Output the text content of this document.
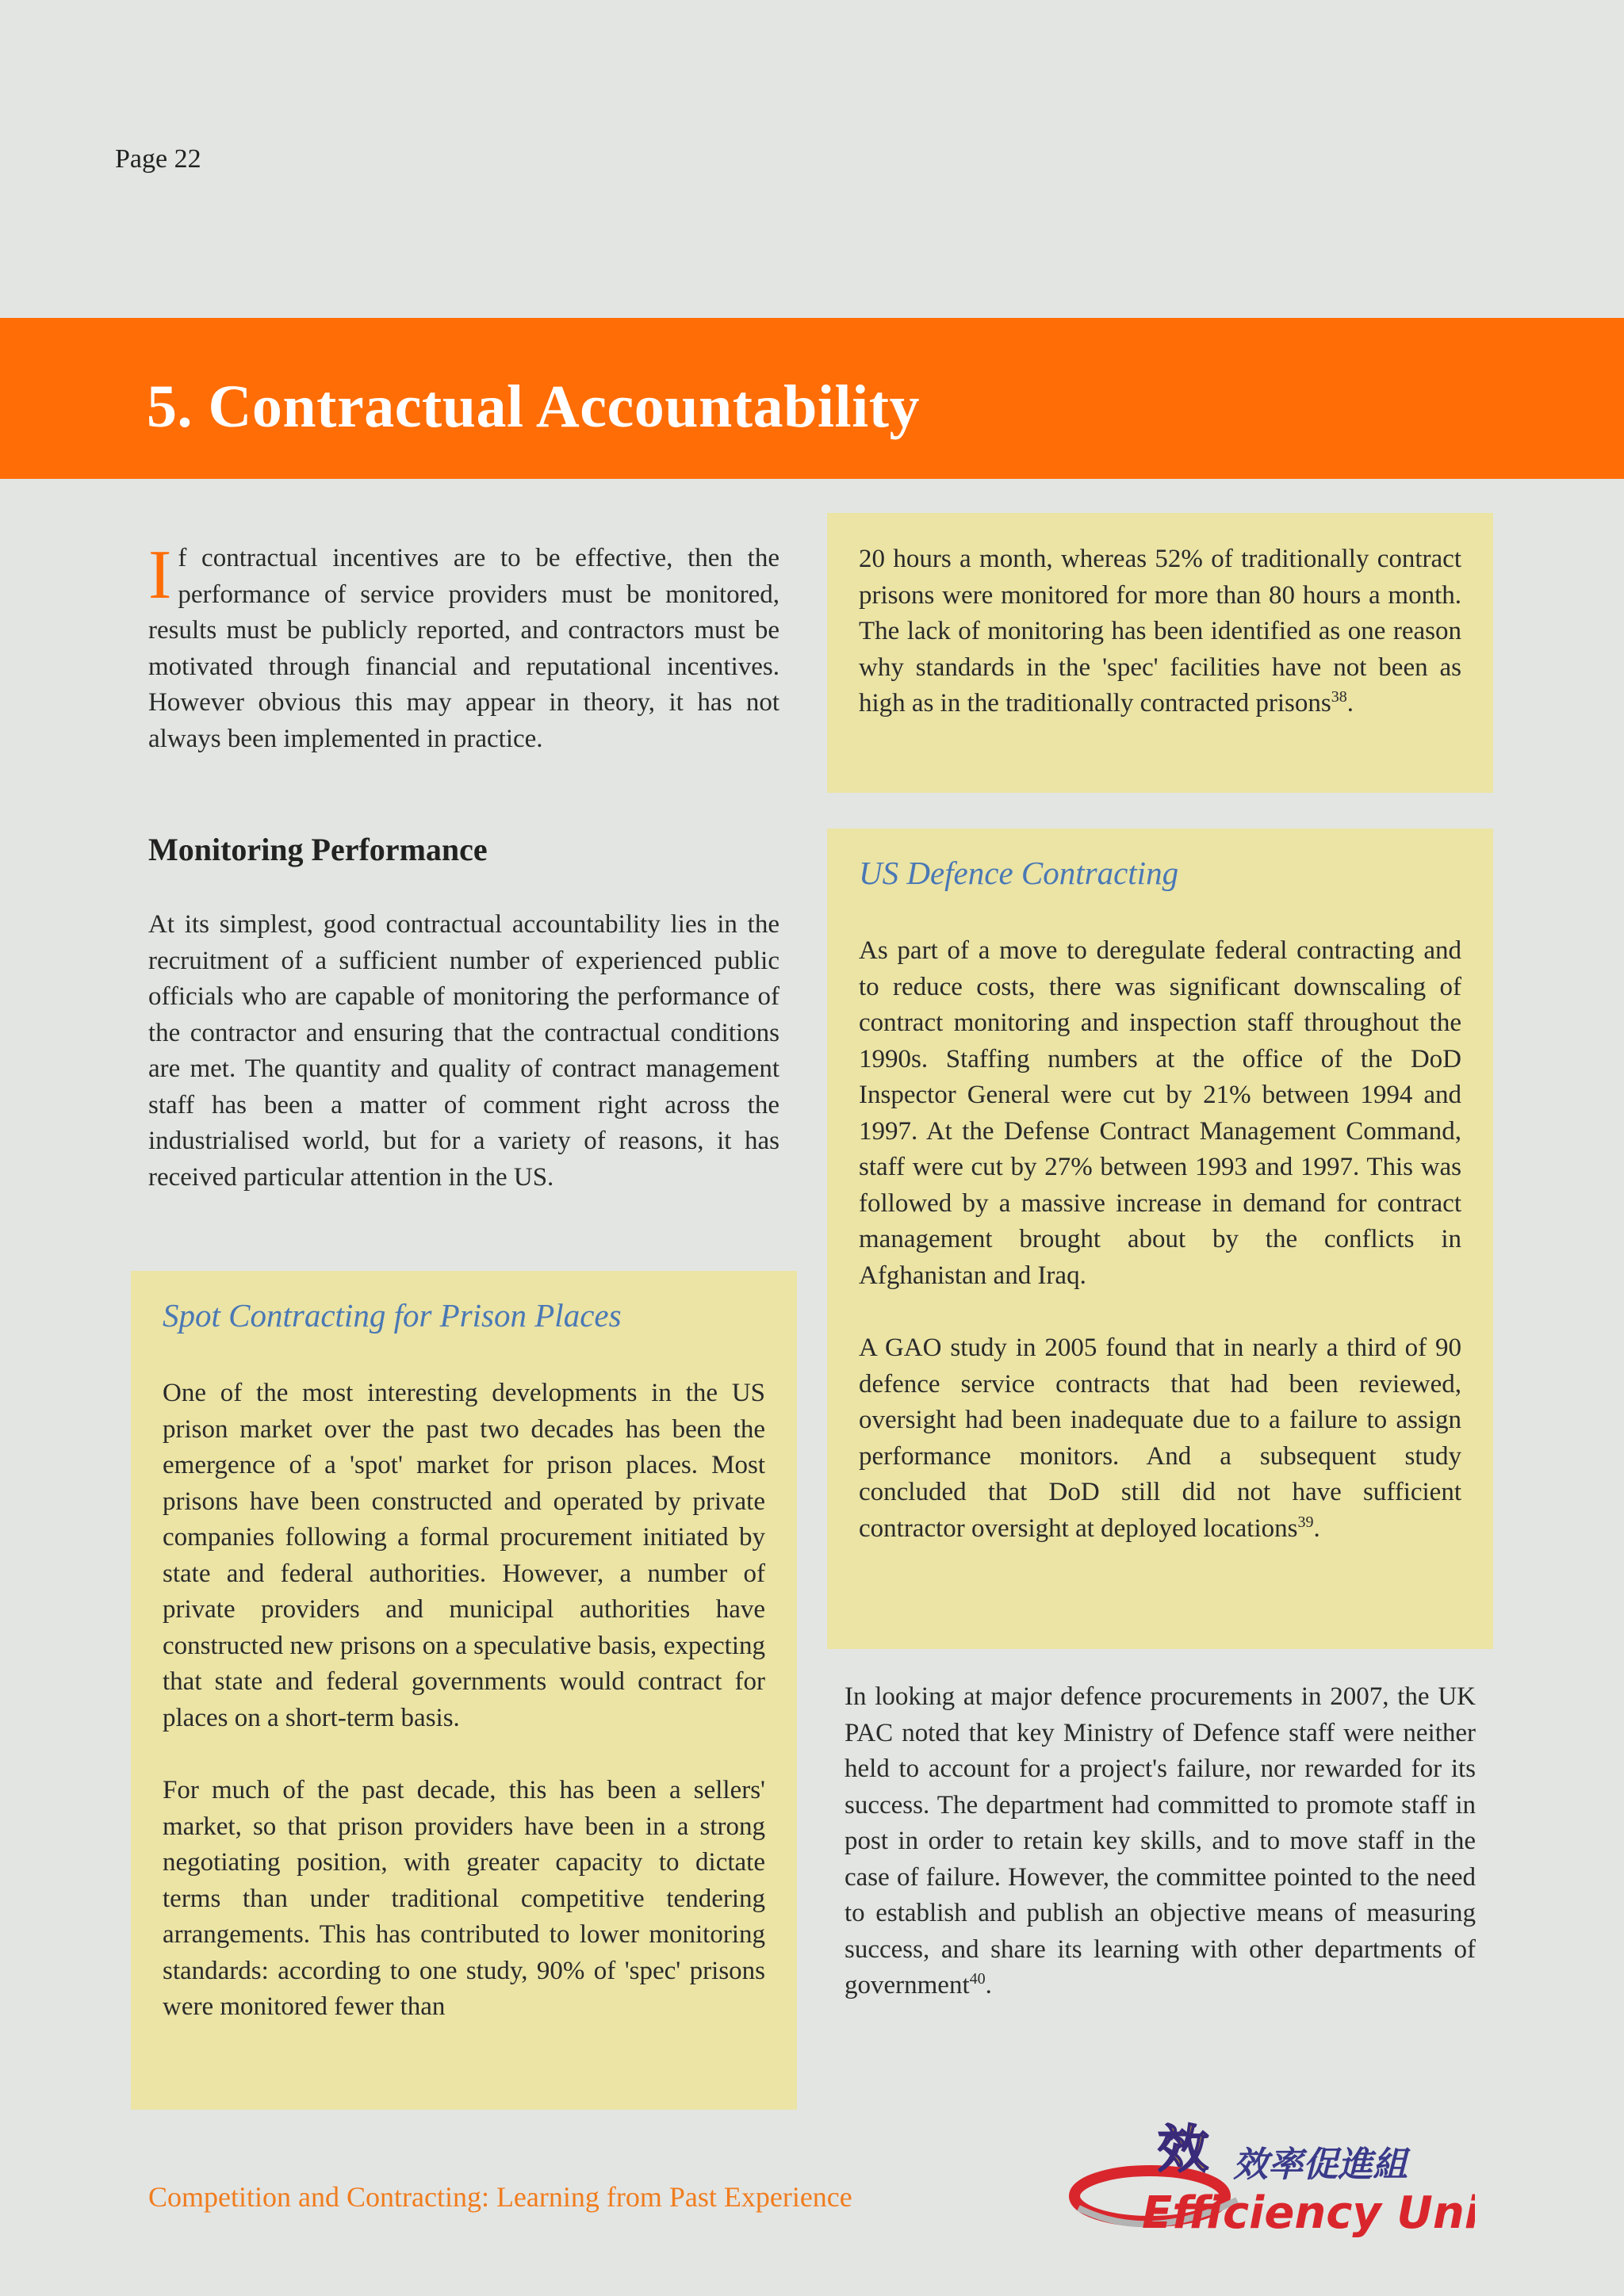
Page 22
5. Contractual Accountability
If contractual incentives are to be effective, then the performance of service providers must be monitored, results must be publicly reported, and contractors must be motivated through financial and reputational incentives. However obvious this may appear in theory, it has not always been implemented in practice.
Monitoring Performance
At its simplest, good contractual accountability lies in the recruitment of a sufficient number of experienced public officials who are capable of monitoring the performance of the contractor and ensuring that the contractual conditions are met. The quantity and quality of contract management staff has been a matter of comment right across the industrialised world, but for a variety of reasons, it has received particular attention in the US.
Spot Contracting for Prison Places
One of the most interesting developments in the US prison market over the past two decades has been the emergence of a 'spot' market for prison places. Most prisons have been constructed and operated by private companies following a formal procurement initiated by state and federal authorities. However, a number of private providers and municipal authorities have constructed new prisons on a speculative basis, expecting that state and federal governments would contract for places on a short-term basis.
For much of the past decade, this has been a sellers' market, so that prison providers have been in a strong negotiating position, with greater capacity to dictate terms than under traditional competitive tendering arrangements. This has contributed to lower monitoring standards: according to one study, 90% of 'spec' prisons were monitored fewer than
20 hours a month, whereas 52% of traditionally contract prisons were monitored for more than 80 hours a month. The lack of monitoring has been identified as one reason why standards in the 'spec' facilities have not been as high as in the traditionally contracted prisons$^{38}$.
US Defence Contracting
As part of a move to deregulate federal contracting and to reduce costs, there was significant downscaling of contract monitoring and inspection staff throughout the 1990s. Staffing numbers at the office of the DoD Inspector General were cut by 21% between 1994 and 1997. At the Defense Contract Management Command, staff were cut by 27% between 1993 and 1997. This was followed by a massive increase in demand for contract management brought about by the conflicts in Afghanistan and Iraq.
A GAO study in 2005 found that in nearly a third of 90 defence service contracts that had been reviewed, oversight had been inadequate due to a failure to assign performance monitors. And a subsequent study concluded that DoD still did not have sufficient contractor oversight at deployed locations$^{39}$.
In looking at major defence procurements in 2007, the UK PAC noted that key Ministry of Defence staff were neither held to account for a project's failure, nor rewarded for its success. The department had committed to promote staff in post in order to retain key skills, and to move staff in the case of failure. However, the committee pointed to the need to establish and publish an objective means of measuring success, and share its learning with other departments of government$^{40}$.
Competition and Contracting: Learning from Past Experience
效 效率促進組
Efficiency Unit
